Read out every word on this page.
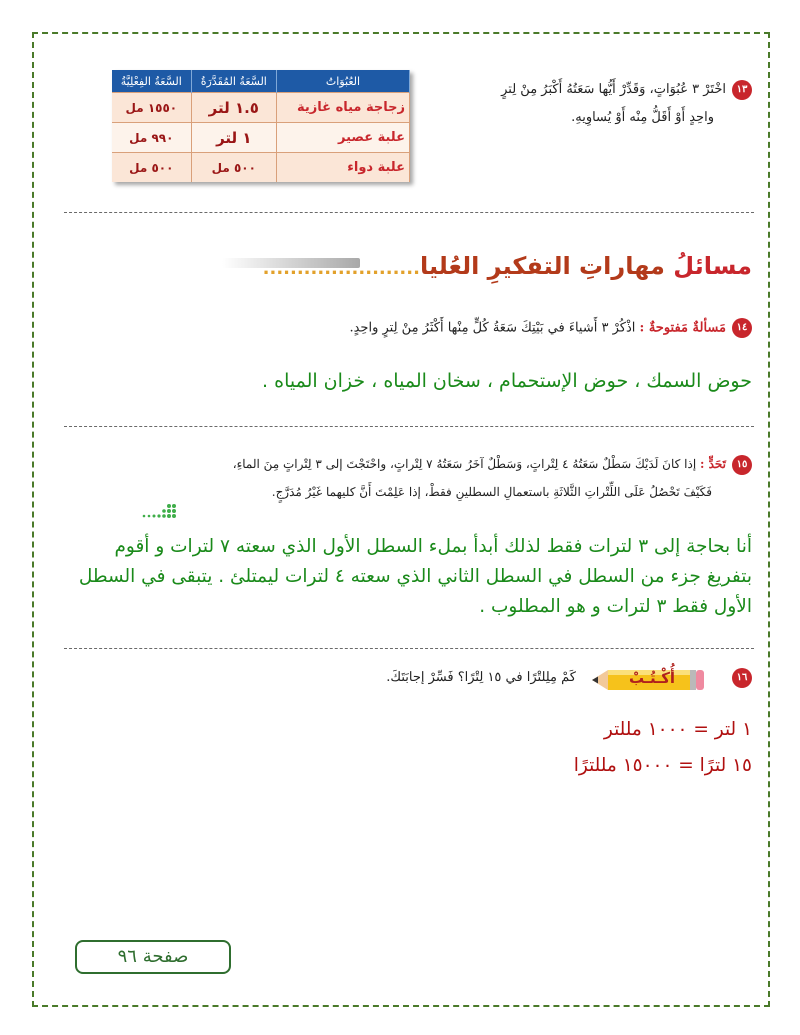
١٣اخْتَرْ ٣ عُبُوَاتٍ، وَقَدِّرْ أَيُّها سَعَتُهُ أَكْبَرُ مِنْ لِترٍ
واحِدٍ أَوْ أَقَلُّ مِنْه أَوْ يُساوِيهِ.
العُبُوَاتُ	السَّعَةُ المُقَدَّرَةُ	السَّعَةُ الفِعْلِيَّةُ
زجاجة مياه غازية	١.٥ لتر	١٥٥٠ مل
علبة عصير	١ لتر	٩٩٠ مل
علبة دواء	٥٠٠ مل	٥٠٠ مل
مسائلُ مهاراتِ التفكيرِ العُليا.......................
١٤مَسألةٌ مَفتوحةٌ : اذْكُرْ ٣ أَشياءَ في بَيْتِكَ سَعَةُ كُلٍّ مِنْها أَكْثَرُ مِنْ لِترٍ واحِدٍ.
حوض السمك ، حوض الإستحمام ، سخان المياه ، خزان المياه .
١٥تَحَدٍّ : إذا كانَ لَدَيْكَ سَطْلٌ سَعَتُهُ ٤ لِتْراتٍ، وَسَطْلٌ آخَرُ سَعَتُهُ ٧ لِتْراتٍ، واحْتَجْتَ إلى ٣ لِتْراتٍ مِنَ الماءِ،
فَكَيْفَ تَحْصُلُ عَلَى اللِّتْراتِ الثَّلاثَةِ باستعمالِ السطلينِ فقطْ، إذا عَلِمْتَ أَنَّ كليهما غَيْرُ مُدَرَّجٍ.
أنا بحاجة إلى ٣ لترات فقط لذلك أبدأ بملء السطل الأول الذي سعته ٧ لترات و أقوم
بتفريغ جزء من السطل في السطل الثاني الذي سعته ٤ لترات ليمتلئ . يتبقى في السطل
الأول فقط ٣ لترات و هو المطلوب .
١٦
أُكْـتُـبْ
كَمْ مِلِلتْرًا في ١٥ لِتْرًا؟ فَسِّرْ إجابَتَكَ.
١ لتر = ١٠٠٠ مللتر
١٥ لترًا = ١٥٠٠٠ مللترًا
صفحة ٩٦
